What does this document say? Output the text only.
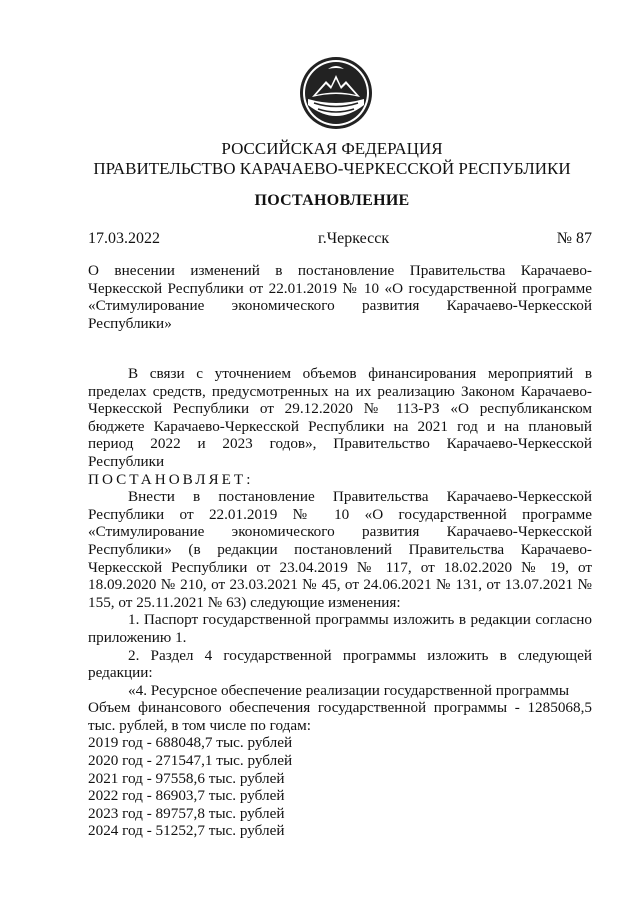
РОССИЙСКАЯ ФЕДЕРАЦИЯ
ПРАВИТЕЛЬСТВО КАРАЧАЕВО-ЧЕРКЕССКОЙ РЕСПУБЛИКИ
ПОСТАНОВЛЕНИЕ
17.03.2022	г.Черкесск	№ 87
О внесении изменений в постановление Правительства Карачаево-Черкесской Республики от 22.01.2019 № 10 «О государственной программе «Стимулирование экономического развития Карачаево-Черкесской Республики»

В связи с уточнением объемов финансирования мероприятий в пределах средств, предусмотренных на их реализацию Законом Карачаево-Черкесской Республики от 29.12.2020 № 113-РЗ «О республиканском бюджете Карачаево-Черкесской Республики на 2021 год и на плановый период 2022 и 2023 годов», Правительство Карачаево-Черкесской Республики

ПОСТАНОВЛЯЕТ:

Внести в постановление Правительства Карачаево-Черкесской Республики от 22.01.2019 № 10 «О государственной программе «Стимулирование экономического развития Карачаево-Черкесской Республики» (в редакции постановлений Правительства Карачаево-Черкесской Республики от 23.04.2019 № 117, от 18.02.2020 № 19, от 18.09.2020 № 210, от 23.03.2021 № 45, от 24.06.2021 № 131, от 13.07.2021 № 155, от 25.11.2021 № 63) следующие изменения:

1. Паспорт государственной программы изложить в редакции согласно приложению 1.

2. Раздел 4 государственной программы изложить в следующей редакции:

«4. Ресурсное обеспечение реализации государственной программы

Объем финансового обеспечения государственной программы - 1285068,5 тыс. рублей, в том числе по годам:

2019 год - 688048,7 тыс. рублей

2020 год - 271547,1 тыс. рублей

2021 год - 97558,6 тыс. рублей

2022 год - 86903,7 тыс. рублей

2023 год - 89757,8 тыс. рублей

2024 год - 51252,7 тыс. рублей
